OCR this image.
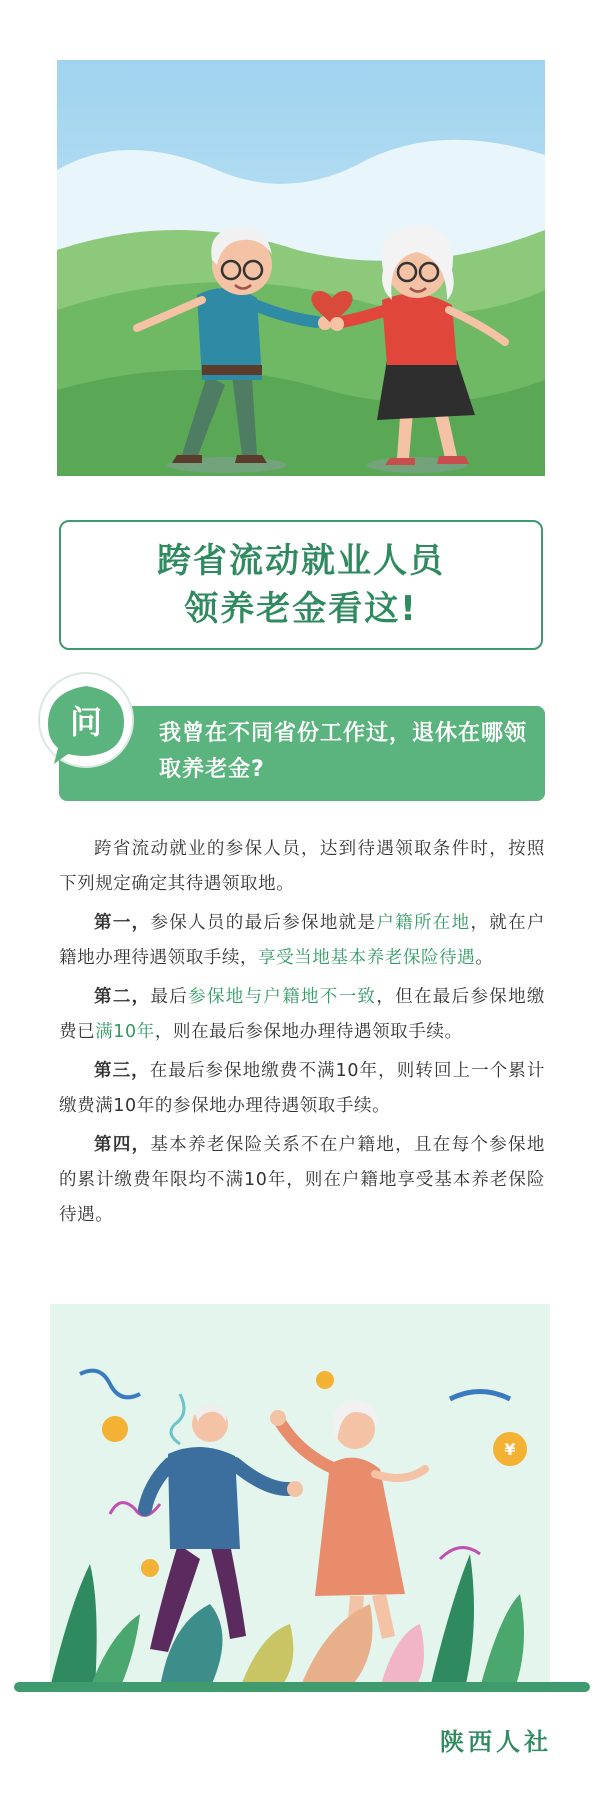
跨省流动就业人员
领养老金看这!
我曾在不同省份工作过，退休在哪领取养老金?
问

跨省流动就业的参保人员，达到待遇领取条件时，按照下列规定确定其待遇领取地。

第一，参保人员的最后参保地就是户籍所在地，就在户籍地办理待遇领取手续，享受当地基本养老保险待遇。

第二，最后参保地与户籍地不一致，但在最后参保地缴费已满10年，则在最后参保地办理待遇领取手续。

第三，在最后参保地缴费不满10年，则转回上一个累计缴费满10年的参保地办理待遇领取手续。

第四，基本养老保险关系不在户籍地，且在每个参保地的累计缴费年限均不满10年，则在户籍地享受基本养老保险待遇。

¥
陕西人社
